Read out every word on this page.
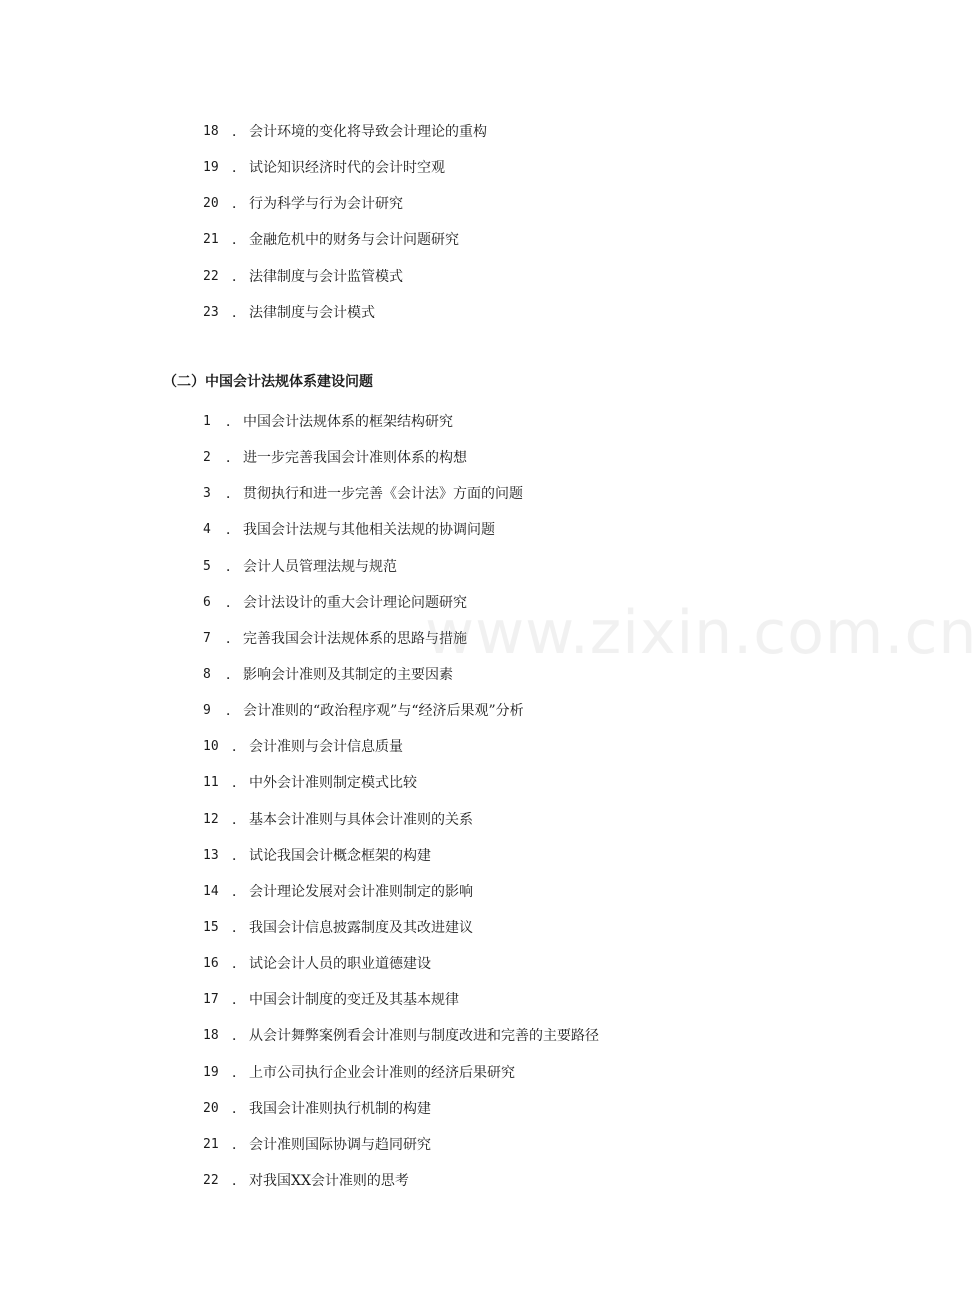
18 ． 会计环境的变化将导致会计理论的重构
19 ． 试论知识经济时代的会计时空观
20 ． 行为科学与行为会计研究
21 ． 金融危机中的财务与会计问题研究
22 ． 法律制度与会计监管模式
23 ． 法律制度与会计模式
（二）中国会计法规体系建设问题
1	． 中国会计法规体系的框架结构研究
2	． 进一步完善我国会计准则体系的构想
3	． 贯彻执行和进一步完善《会计法》方面的问题
4	． 我国会计法规与其他相关法规的协调问题
5	． 会计人员管理法规与规范
6	． 会计法设计的重大会计理论问题研究
7	． 完善我国会计法规体系的思路与措施
8	． 影响会计准则及其制定的主要因素
9	． 会计准则的“政治程序观”与“经济后果观”分析
10 ． 会计准则与会计信息质量
11 ． 中外会计准则制定模式比较
12 ． 基本会计准则与具体会计准则的关系
13 ． 试论我国会计概念框架的构建
14 ． 会计理论发展对会计准则制定的影响
15 ． 我国会计信息披露制度及其改进建议
16 ． 试论会计人员的职业道德建设
17 ． 中国会计制度的变迁及其基本规律
18 ． 从会计舞弊案例看会计准则与制度改进和完善的主要路径
19 ． 上市公司执行企业会计准则的经济后果研究
20 ． 我国会计准则执行机制的构建
21 ． 会计准则国际协调与趋同研究
22 ． 对我国XX会计准则的思考
www.zixin.com.cn
